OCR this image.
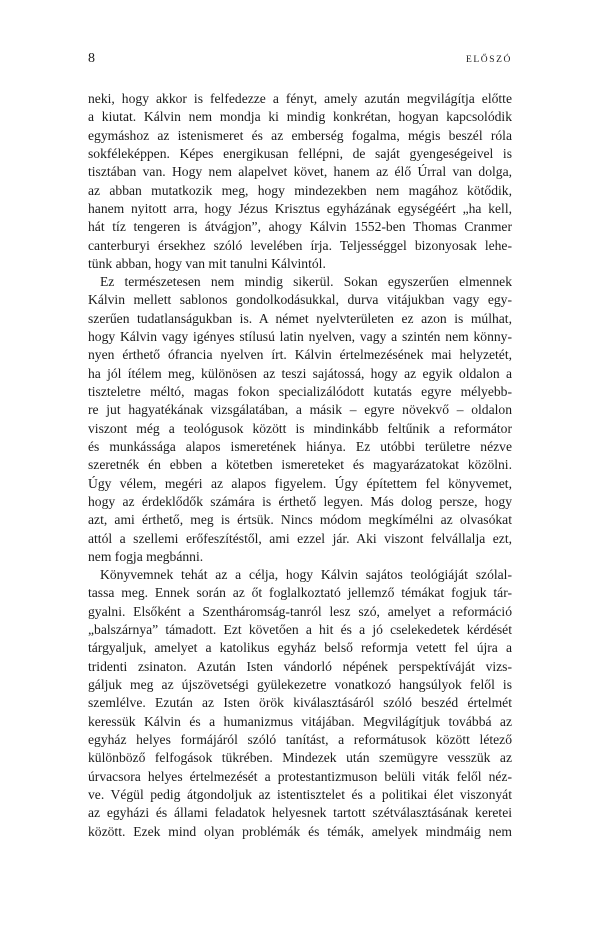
8	ELŐSZÓ
neki, hogy akkor is felfedezze a fényt, amely azután megvilágítja előtte
a kiutat. Kálvin nem mondja ki mindig konkrétan, hogyan kapcsolódik
egymáshoz az istenismeret és az emberség fogalma, mégis beszél róla
sokféleképpen. Képes energikusan fellépni, de saját gyengeségeivel is
tisztában van. Hogy nem alapelvet követ, hanem az élő Úrral van dolga,
az abban mutatkozik meg, hogy mindezekben nem magához kötődik,
hanem nyitott arra, hogy Jézus Krisztus egyházának egységéért „ha kell,
hát tíz tengeren is átvágjon”, ahogy Kálvin 1552-ben Thomas Cranmer
canterburyi érsekhez szóló levelében írja. Teljességgel bizonyosak lehe-
tünk abban, hogy van mit tanulni Kálvintól.
Ez természetesen nem mindig sikerül. Sokan egyszerűen elmennek
Kálvin mellett sablonos gondolkodásukkal, durva vitájukban vagy egy-
szerűen tudatlanságukban is. A német nyelvterületen ez azon is múlhat,
hogy Kálvin vagy igényes stílusú latin nyelven, vagy a szintén nem könny-
nyen érthető ófrancia nyelven írt. Kálvin értelmezésének mai helyzetét,
ha jól ítélem meg, különösen az teszi sajátossá, hogy az egyik oldalon a
tiszteletre méltó, magas fokon specializálódott kutatás egyre mélyebb-
re jut hagyatékának vizsgálatában, a másik – egyre növekvő – oldalon
viszont még a teológusok között is mindinkább feltűnik a reformátor
és munkássága alapos ismeretének hiánya. Ez utóbbi területre nézve
szeretnék én ebben a kötetben ismereteket és magyarázatokat közölni.
Úgy vélem, megéri az alapos figyelem. Úgy építettem fel könyvemet,
hogy az érdeklődők számára is érthető legyen. Más dolog persze, hogy
azt, ami érthető, meg is értsük. Nincs módom megkímélni az olvasókat
attól a szellemi erőfeszítéstől, ami ezzel jár. Aki viszont felvállalja ezt,
nem fogja megbánni.
Könyvemnek tehát az a célja, hogy Kálvin sajátos teológiáját szólal-
tassa meg. Ennek során az őt foglalkoztató jellemző témákat fogjuk tár-
gyalni. Elsőként a Szentháromság-tanról lesz szó, amelyet a reformáció
„balszárnya” támadott. Ezt követően a hit és a jó cselekedetek kérdését
tárgyaljuk, amelyet a katolikus egyház belső reformja vetett fel újra a
tridenti zsinaton. Azután Isten vándorló népének perspektíváját vizs-
gáljuk meg az újszövetségi gyülekezetre vonatkozó hangsúlyok felől is
szemlélve. Ezután az Isten örök kiválasztásáról szóló beszéd értelmét
keressük Kálvin és a humanizmus vitájában. Megvilágítjuk továbbá az
egyház helyes formájáról szóló tanítást, a reformátusok között létező
különböző felfogások tükrében. Mindezek után szemügyre vesszük az
úrvacsora helyes értelmezését a protestantizmuson belüli viták felől néz-
ve. Végül pedig átgondoljuk az istentisztelet és a politikai élet viszonyát
az egyházi és állami feladatok helyesnek tartott szétválasztásának keretei
között. Ezek mind olyan problémák és témák, amelyek mindmáig nem
